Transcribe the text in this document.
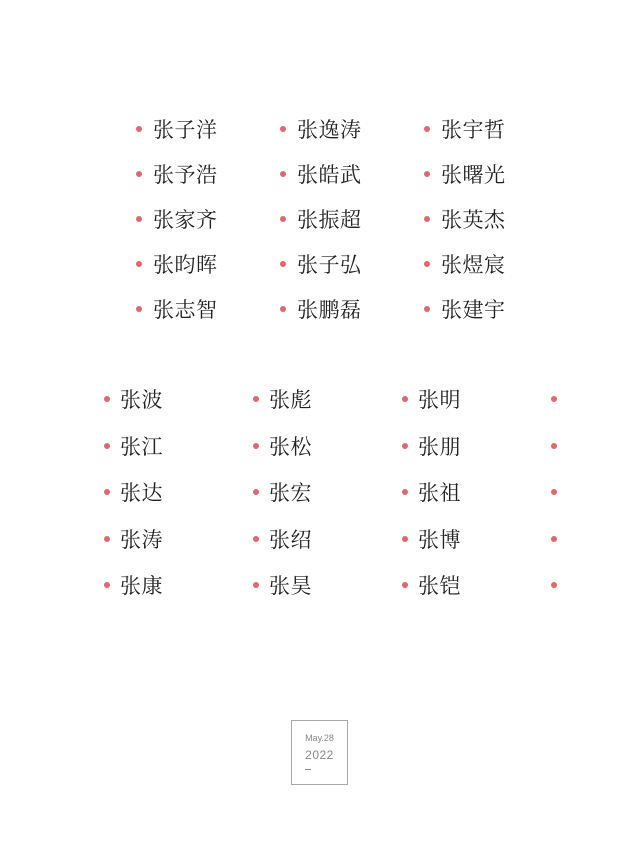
张子洋
张予浩
张家齐
张昀晖
张志智
张逸涛
张皓武
张振超
张子弘
张鹏磊
张宇哲
张曙光
张英杰
张煜宸
张建宇
张波
张江
张达
张涛
张康
张彪
张松
张宏
张绍
张昊
张明
张朋
张祖
张博
张铠
May.28
2022
